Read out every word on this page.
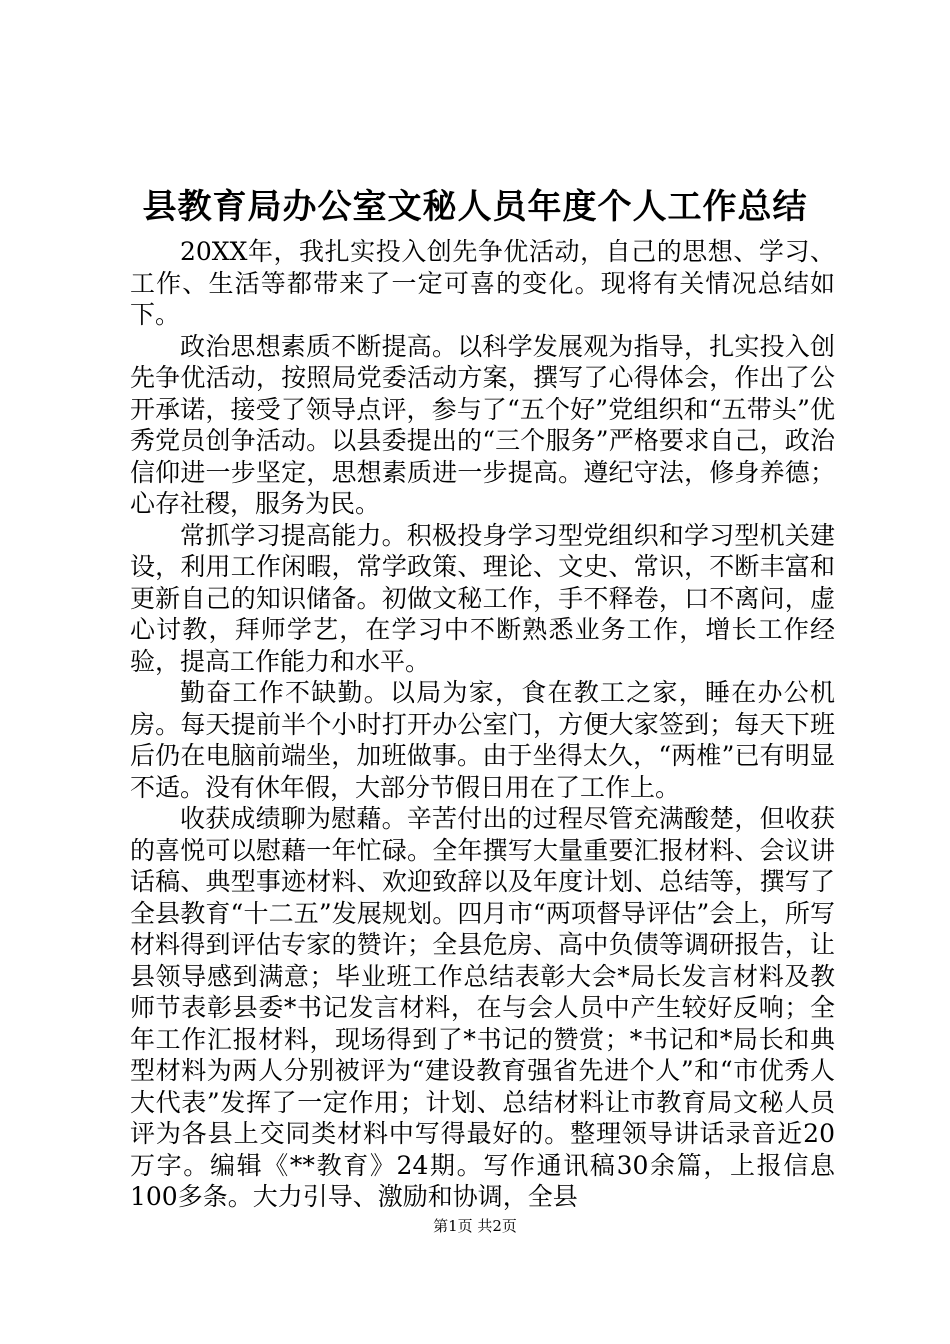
县教育局办公室文秘人员年度个人工作总结

20XX年，我扎实投入创先争优活动，自己的思想、学习、工作、生活等都带来了一定可喜的变化。现将有关情况总结如下。

政治思想素质不断提高。以科学发展观为指导，扎实投入创先争优活动，按照局党委活动方案，撰写了心得体会，作出了公开承诺，接受了领导点评，参与了“五个好”党组织和“五带头”优秀党员创争活动。以县委提出的“三个服务”严格要求自己，政治信仰进一步坚定，思想素质进一步提高。遵纪守法，修身养德；心存社稷，服务为民。

常抓学习提高能力。积极投身学习型党组织和学习型机关建设，利用工作闲暇，常学政策、理论、文史、常识，不断丰富和更新自己的知识储备。初做文秘工作，手不释卷，口不离问，虚心讨教，拜师学艺，在学习中不断熟悉业务工作，增长工作经验，提高工作能力和水平。

勤奋工作不缺勤。以局为家，食在教工之家，睡在办公机房。每天提前半个小时打开办公室门，方便大家签到；每天下班后仍在电脑前端坐，加班做事。由于坐得太久，“两椎”已有明显不适。没有休年假，大部分节假日用在了工作上。

收获成绩聊为慰藉。辛苦付出的过程尽管充满酸楚，但收获的喜悦可以慰藉一年忙碌。全年撰写大量重要汇报材料、会议讲话稿、典型事迹材料、欢迎致辞以及年度计划、总结等，撰写了全县教育“十二五”发展规划。四月市“两项督导评估”会上，所写材料得到评估专家的赞许；全县危房、高中负债等调研报告，让县领导感到满意；毕业班工作总结表彰大会*局长发言材料及教师节表彰县委*书记发言材料，在与会人员中产生较好反响；全年工作汇报材料，现场得到了*书记的赞赏；*书记和*局长和典型材料为两人分别被评为“建设教育强省先进个人”和“市优秀人大代表”发挥了一定作用；计划、总结材料让市教育局文秘人员评为各县上交同类材料中写得最好的。整理领导讲话录音近20万字。编辑《**教育》24期。写作通讯稿30余篇，上报信息100多条。大力引导、激励和协调，全县

第1页 共2页
